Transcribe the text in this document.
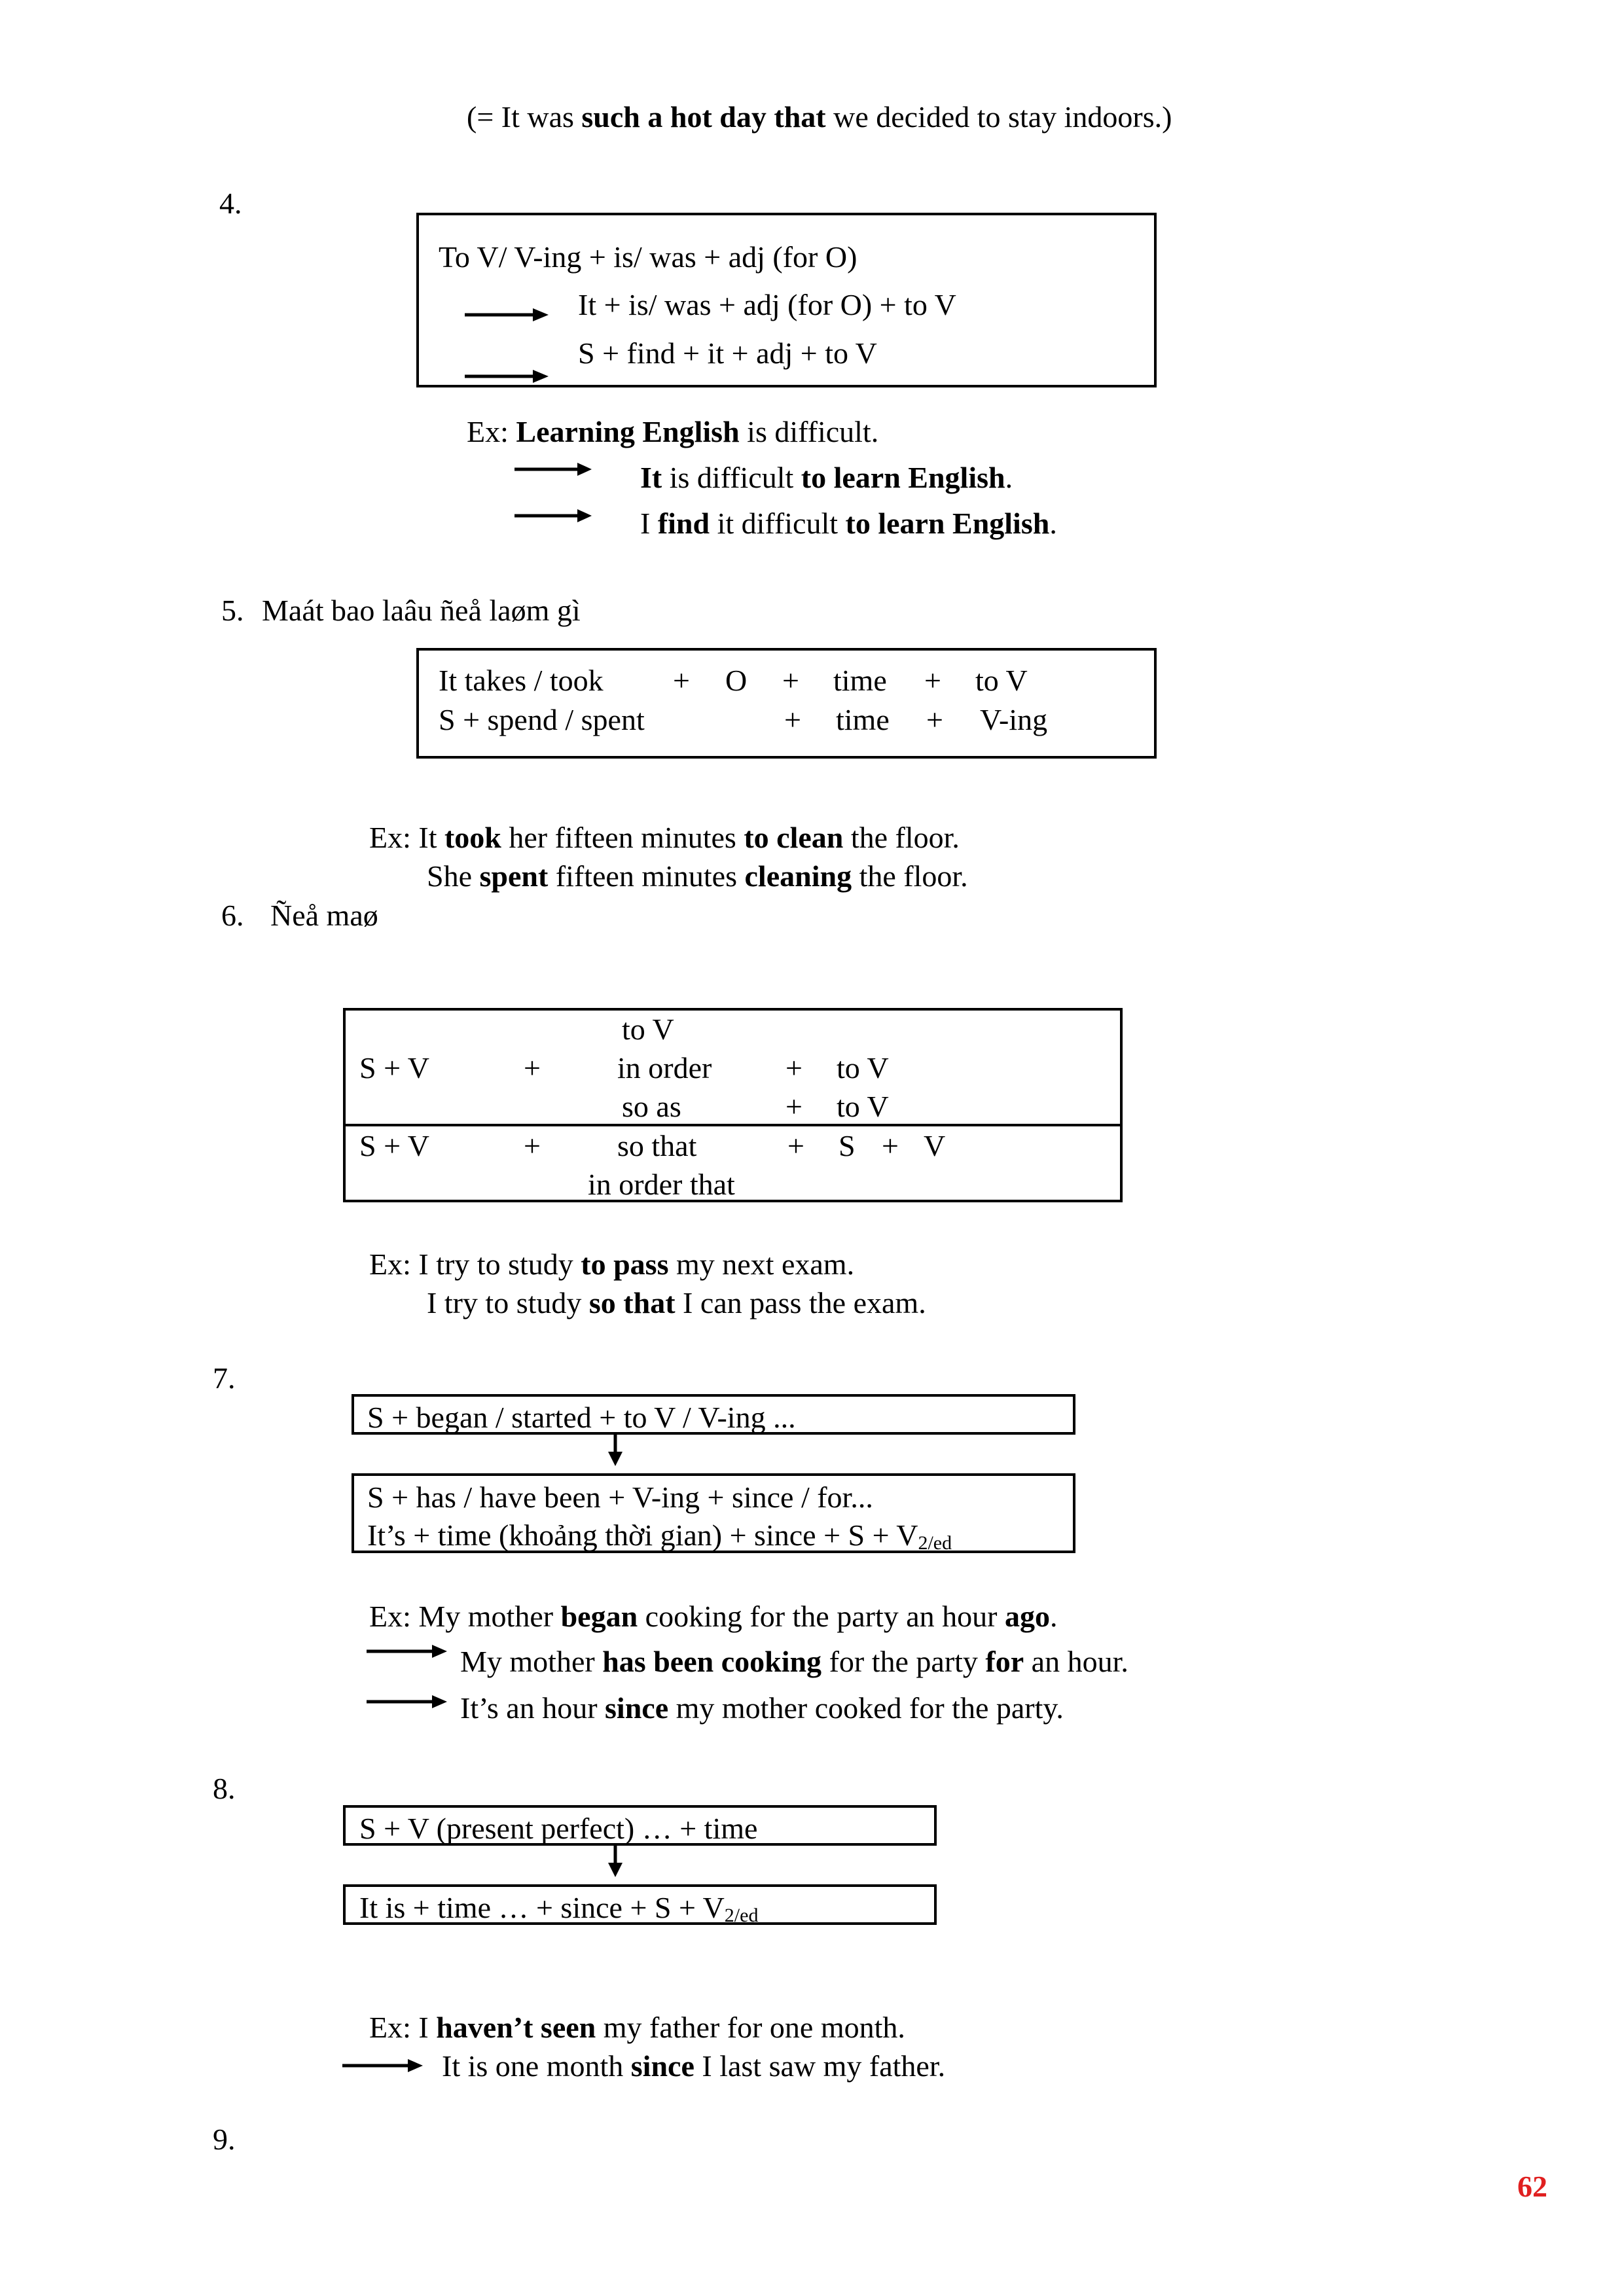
(= It was such a hot day that we decided to stay indoors.)
4.
To V/ V-ing + is/ was + adj (for O)
It + is/ was + adj (for O) + to V
S + find + it + adj + to V
Ex: Learning English is difficult.
It is difficult to learn English.
I find it difficult to learn English.
5. Maát bao laâu ñeå laøm gì
It takes / took + O + time + to V
S + spend / spent	+ time + V-ing
Ex: It took her fifteen minutes to clean the floor.
She spent fifteen minutes cleaning the floor.
6. Ñeå maø
to V
S + V	+	in order + to V
so as	+ to V
S + V	+	so that	+ S + V
in order that
Ex: I try to study to pass my next exam.
I try to study so that I can pass the exam.
7.
S + began / started + to V / V-ing ...
S + has / have been + V-ing + since / for...
It’s + time (khoảng thời gian) + since + $S + V_{2/ed}$
Ex: My mother began cooking for the party an hour ago.
My mother has been cooking for the party for an hour.
It’s an hour since my mother cooked for the party.
8.
S + V (present perfect) … + time
It is + time … + since + $S + V_{2/ed}$
Ex: I haven’t seen my father for one month.
It is one month since I last saw my father.
9.
62
